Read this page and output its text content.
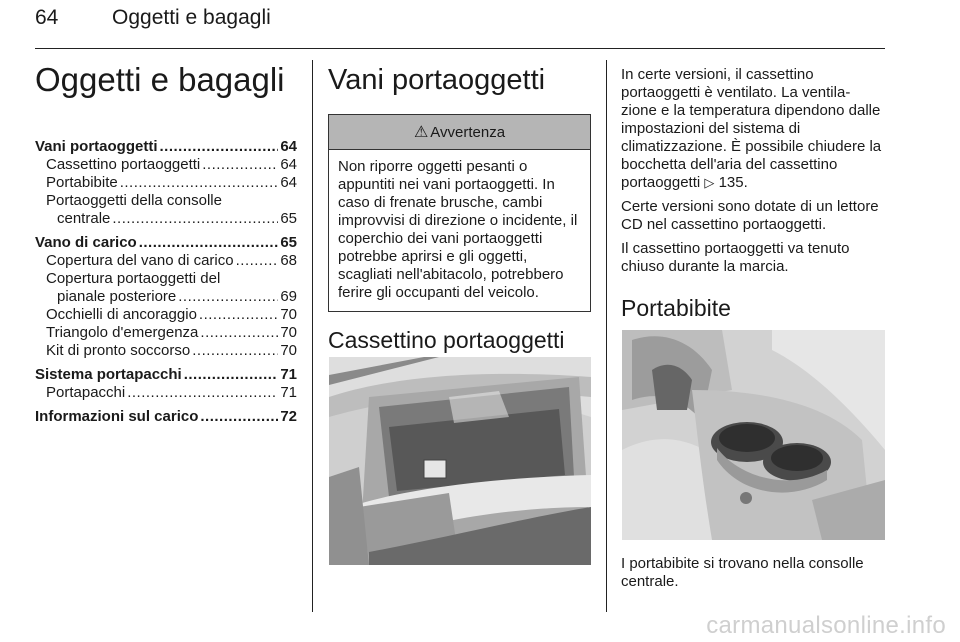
64	Oggetti e bagagli
Oggetti e bagagli
Vani portaoggetti .....	64
Cassettino portaoggetti .....	64
Portabibite .....	64
Portaoggetti della consolle
centrale .....	65
Vano di carico .....	65
Copertura del vano di carico .....	68
Copertura portaoggetti del
pianale posteriore .....	69
Occhielli di ancoraggio .....	70
Triangolo d'emergenza .....	70
Kit di pronto soccorso .....	70
Sistema portapacchi .....	71
Portapacchi .....	71
Informazioni sul carico .....	72
Vani portaoggetti
⚠ Avvertenza
Non riporre oggetti pesanti o appuntiti nei vani portaoggetti. In caso di frenate brusche, cambi improvvisi di direzione o incidente, il coperchio dei vani portaoggetti potrebbe aprirsi e gli oggetti, scagliati nell'abitacolo, potrebbero ferire gli occupanti del veicolo.
Cassettino portaoggetti

In certe versioni, il cassettino portaoggetti è ventilato. La ventila-zione e la temperatura dipendono dalle impostazioni del sistema di climatizzazione. È possibile chiudere la bocchetta dell'aria del cassettino portaoggetti ▷ 135.

Certe versioni sono dotate di un lettore CD nel cassettino portaoggetti.

Il cassettino portaoggetti va tenuto chiuso durante la marcia.

Portabibite

I portabibite si trovano nella consolle centrale.

carmanualsonline.info
